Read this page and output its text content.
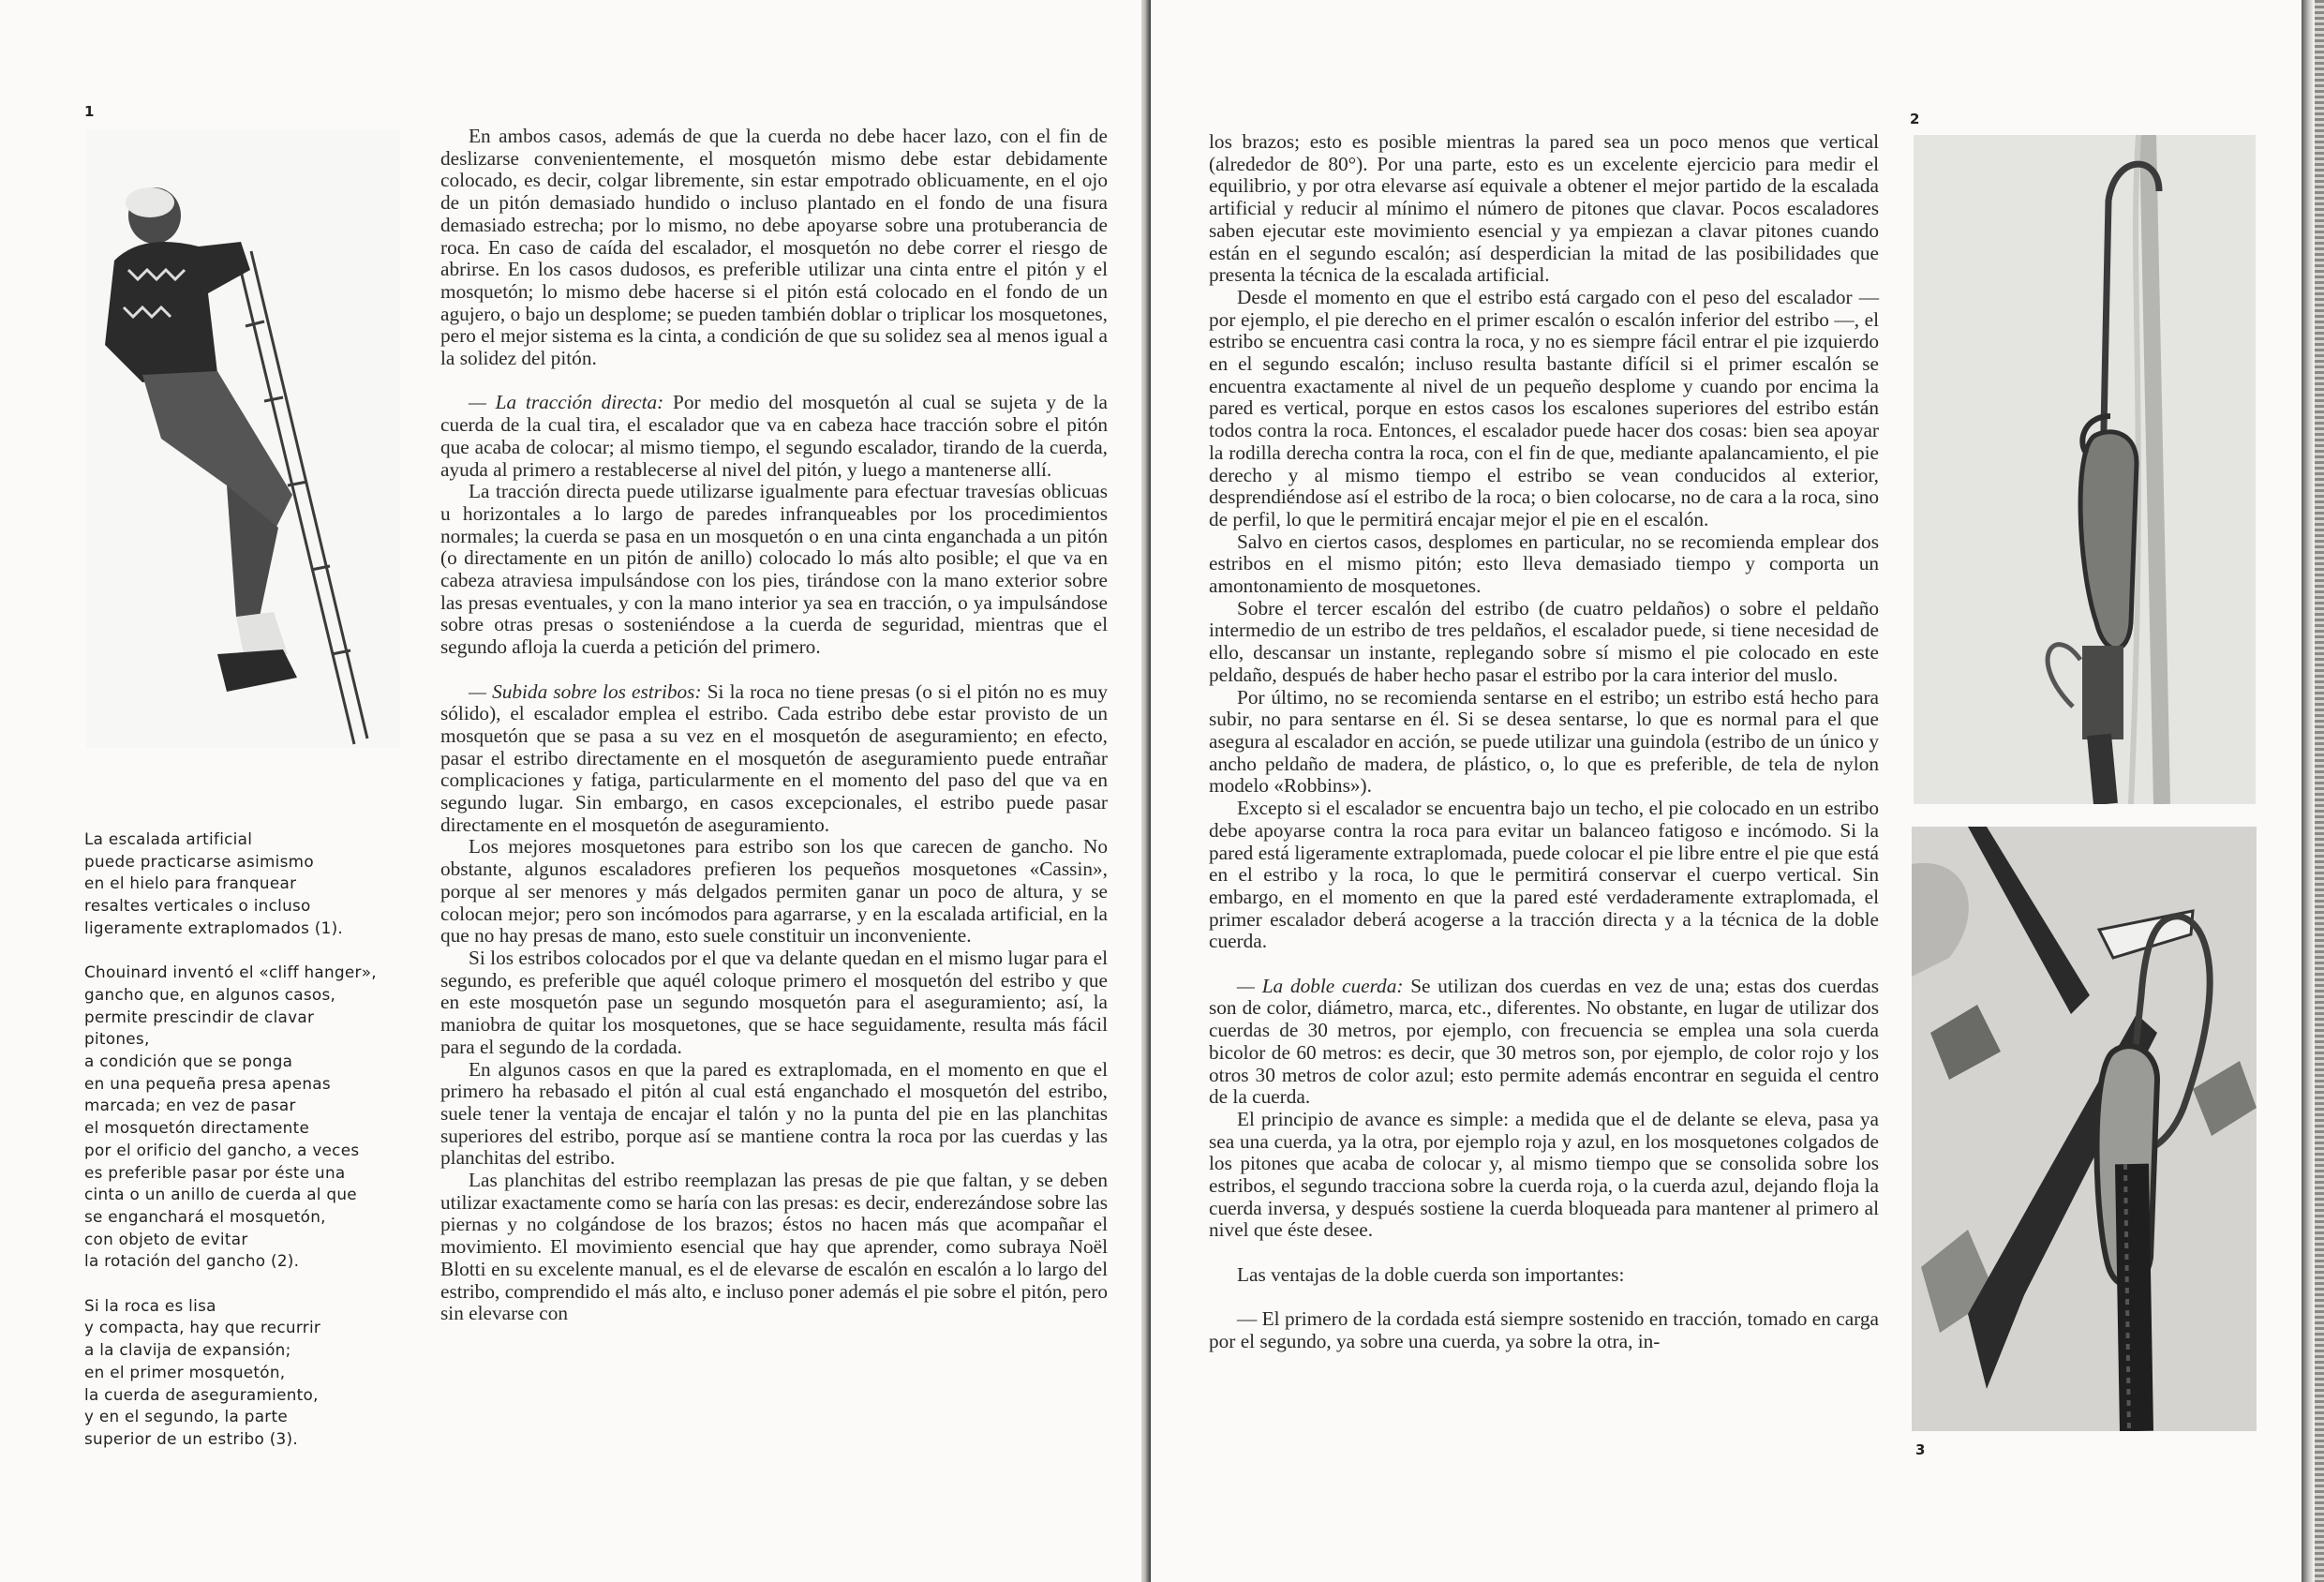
1

La escalada artificial
puede practicarse asimismo
en el hielo para franquear
resaltes verticales o incluso
ligeramente extraplomados (1).

Chouinard inventó el «cliff hanger»,
gancho que, en algunos casos,
permite prescindir de clavar pitones,
a condición que se ponga
en una pequeña presa apenas
marcada; en vez de pasar
el mosquetón directamente
por el orificio del gancho, a veces
es preferible pasar por éste una
cinta o un anillo de cuerda al que
se enganchará el mosquetón,
con objeto de evitar
la rotación del gancho (2).

Si la roca es lisa
y compacta, hay que recurrir
a la clavija de expansión;
en el primer mosquetón,
la cuerda de aseguramiento,
y en el segundo, la parte
superior de un estribo (3).

En ambos casos, además de que la cuerda no debe hacer lazo, con el fin de deslizarse convenientemente, el mosquetón mismo debe estar debidamente colocado, es decir, colgar libremente, sin estar empotrado oblicuamente, en el ojo de un pitón demasiado hundido o incluso plantado en el fondo de una fisura demasiado estrecha; por lo mismo, no debe apoyarse sobre una protuberancia de roca. En caso de caída del escalador, el mosquetón no debe correr el riesgo de abrirse. En los casos dudosos, es preferible utilizar una cinta entre el pitón y el mosquetón; lo mismo debe hacerse si el pitón está colocado en el fondo de un agujero, o bajo un desplome; se pueden también doblar o triplicar los mosquetones, pero el mejor sistema es la cinta, a condición de que su solidez sea al menos igual a la solidez del pitón.

— La tracción directa: Por medio del mosquetón al cual se sujeta y de la cuerda de la cual tira, el escalador que va en cabeza hace tracción sobre el pitón que acaba de colocar; al mismo tiempo, el segundo escalador, tirando de la cuerda, ayuda al primero a restablecerse al nivel del pitón, y luego a mantenerse allí.

La tracción directa puede utilizarse igualmente para efectuar travesías oblicuas u horizontales a lo largo de paredes infranqueables por los procedimientos normales; la cuerda se pasa en un mosquetón o en una cinta enganchada a un pitón (o directamente en un pitón de anillo) colocado lo más alto posible; el que va en cabeza atraviesa impulsándose con los pies, tirándose con la mano exterior sobre las presas eventuales, y con la mano interior ya sea en tracción, o ya impulsándose sobre otras presas o sosteniéndose a la cuerda de seguridad, mientras que el segundo afloja la cuerda a petición del primero.

— Subida sobre los estribos: Si la roca no tiene presas (o si el pitón no es muy sólido), el escalador emplea el estribo. Cada estribo debe estar provisto de un mosquetón que se pasa a su vez en el mosquetón de aseguramiento; en efecto, pasar el estribo directamente en el mosquetón de aseguramiento puede entrañar complicaciones y fatiga, particularmente en el momento del paso del que va en segundo lugar. Sin embargo, en casos excepcionales, el estribo puede pasar directamente en el mosquetón de aseguramiento.

Los mejores mosquetones para estribo son los que carecen de gancho. No obstante, algunos escaladores prefieren los pequeños mosquetones «Cassin», porque al ser menores y más delgados permiten ganar un poco de altura, y se colocan mejor; pero son incómodos para agarrarse, y en la escalada artificial, en la que no hay presas de mano, esto suele constituir un inconveniente.

Si los estribos colocados por el que va delante quedan en el mismo lugar para el segundo, es preferible que aquél coloque primero el mosquetón del estribo y que en este mosquetón pase un segundo mosquetón para el aseguramiento; así, la maniobra de quitar los mosquetones, que se hace seguidamente, resulta más fácil para el segundo de la cordada.

En algunos casos en que la pared es extraplomada, en el momento en que el primero ha rebasado el pitón al cual está enganchado el mosquetón del estribo, suele tener la ventaja de encajar el talón y no la punta del pie en las planchitas superiores del estribo, porque así se mantiene contra la roca por las cuerdas y las planchitas del estribo.

Las planchitas del estribo reemplazan las presas de pie que faltan, y se deben utilizar exactamente como se haría con las presas: es decir, enderezándose sobre las piernas y no colgándose de los brazos; éstos no hacen más que acompañar el movimiento. El movimiento esencial que hay que aprender, como subraya Noël Blotti en su excelente manual, es el de elevarse de escalón en escalón a lo largo del estribo, comprendido el más alto, e incluso poner además el pie sobre el pitón, pero sin elevarse con

2

los brazos; esto es posible mientras la pared sea un poco menos que vertical (alrededor de 80°). Por una parte, esto es un excelente ejercicio para medir el equilibrio, y por otra elevarse así equivale a obtener el mejor partido de la escalada artificial y reducir al mínimo el número de pitones que clavar. Pocos escaladores saben ejecutar este movimiento esencial y ya empiezan a clavar pitones cuando están en el segundo escalón; así desperdician la mitad de las posibilidades que presenta la técnica de la escalada artificial.

Desde el momento en que el estribo está cargado con el peso del escalador — por ejemplo, el pie derecho en el primer escalón o escalón inferior del estribo —, el estribo se encuentra casi contra la roca, y no es siempre fácil entrar el pie izquierdo en el segundo escalón; incluso resulta bastante difícil si el primer escalón se encuentra exactamente al nivel de un pequeño desplome y cuando por encima la pared es vertical, porque en estos casos los escalones superiores del estribo están todos contra la roca. Entonces, el escalador puede hacer dos cosas: bien sea apoyar la rodilla derecha contra la roca, con el fin de que, mediante apalancamiento, el pie derecho y al mismo tiempo el estribo se vean conducidos al exterior, desprendiéndose así el estribo de la roca; o bien colocarse, no de cara a la roca, sino de perfil, lo que le permitirá encajar mejor el pie en el escalón.

Salvo en ciertos casos, desplomes en particular, no se recomienda emplear dos estribos en el mismo pitón; esto lleva demasiado tiempo y comporta un amontonamiento de mosquetones.

Sobre el tercer escalón del estribo (de cuatro peldaños) o sobre el peldaño intermedio de un estribo de tres peldaños, el escalador puede, si tiene necesidad de ello, descansar un instante, replegando sobre sí mismo el pie colocado en este peldaño, después de haber hecho pasar el estribo por la cara interior del muslo.

Por último, no se recomienda sentarse en el estribo; un estribo está hecho para subir, no para sentarse en él. Si se desea sentarse, lo que es normal para el que asegura al escalador en acción, se puede utilizar una guindola (estribo de un único y ancho peldaño de madera, de plástico, o, lo que es preferible, de tela de nylon modelo «Robbins»).

Excepto si el escalador se encuentra bajo un techo, el pie colocado en un estribo debe apoyarse contra la roca para evitar un balanceo fatigoso e incómodo. Si la pared está ligeramente extraplomada, puede colocar el pie libre entre el pie que está en el estribo y la roca, lo que le permitirá conservar el cuerpo vertical. Sin embargo, en el momento en que la pared esté verdaderamente extraplomada, el primer escalador deberá acogerse a la tracción directa y a la técnica de la doble cuerda.

— La doble cuerda: Se utilizan dos cuerdas en vez de una; estas dos cuerdas son de color, diámetro, marca, etc., diferentes. No obstante, en lugar de utilizar dos cuerdas de 30 metros, por ejemplo, con frecuencia se emplea una sola cuerda bicolor de 60 metros: es decir, que 30 metros son, por ejemplo, de color rojo y los otros 30 metros de color azul; esto permite además encontrar en seguida el centro de la cuerda.

El principio de avance es simple: a medida que el de delante se eleva, pasa ya sea una cuerda, ya la otra, por ejemplo roja y azul, en los mosquetones colgados de los pitones que acaba de colocar y, al mismo tiempo que se consolida sobre los estribos, el segundo tracciona sobre la cuerda roja, o la cuerda azul, dejando floja la cuerda inversa, y después sostiene la cuerda bloqueada para mantener al primero al nivel que éste desee.

Las ventajas de la doble cuerda son importantes:

— El primero de la cordada está siempre sostenido en tracción, tomado en carga por el segundo, ya sobre una cuerda, ya sobre la otra, in-

3
